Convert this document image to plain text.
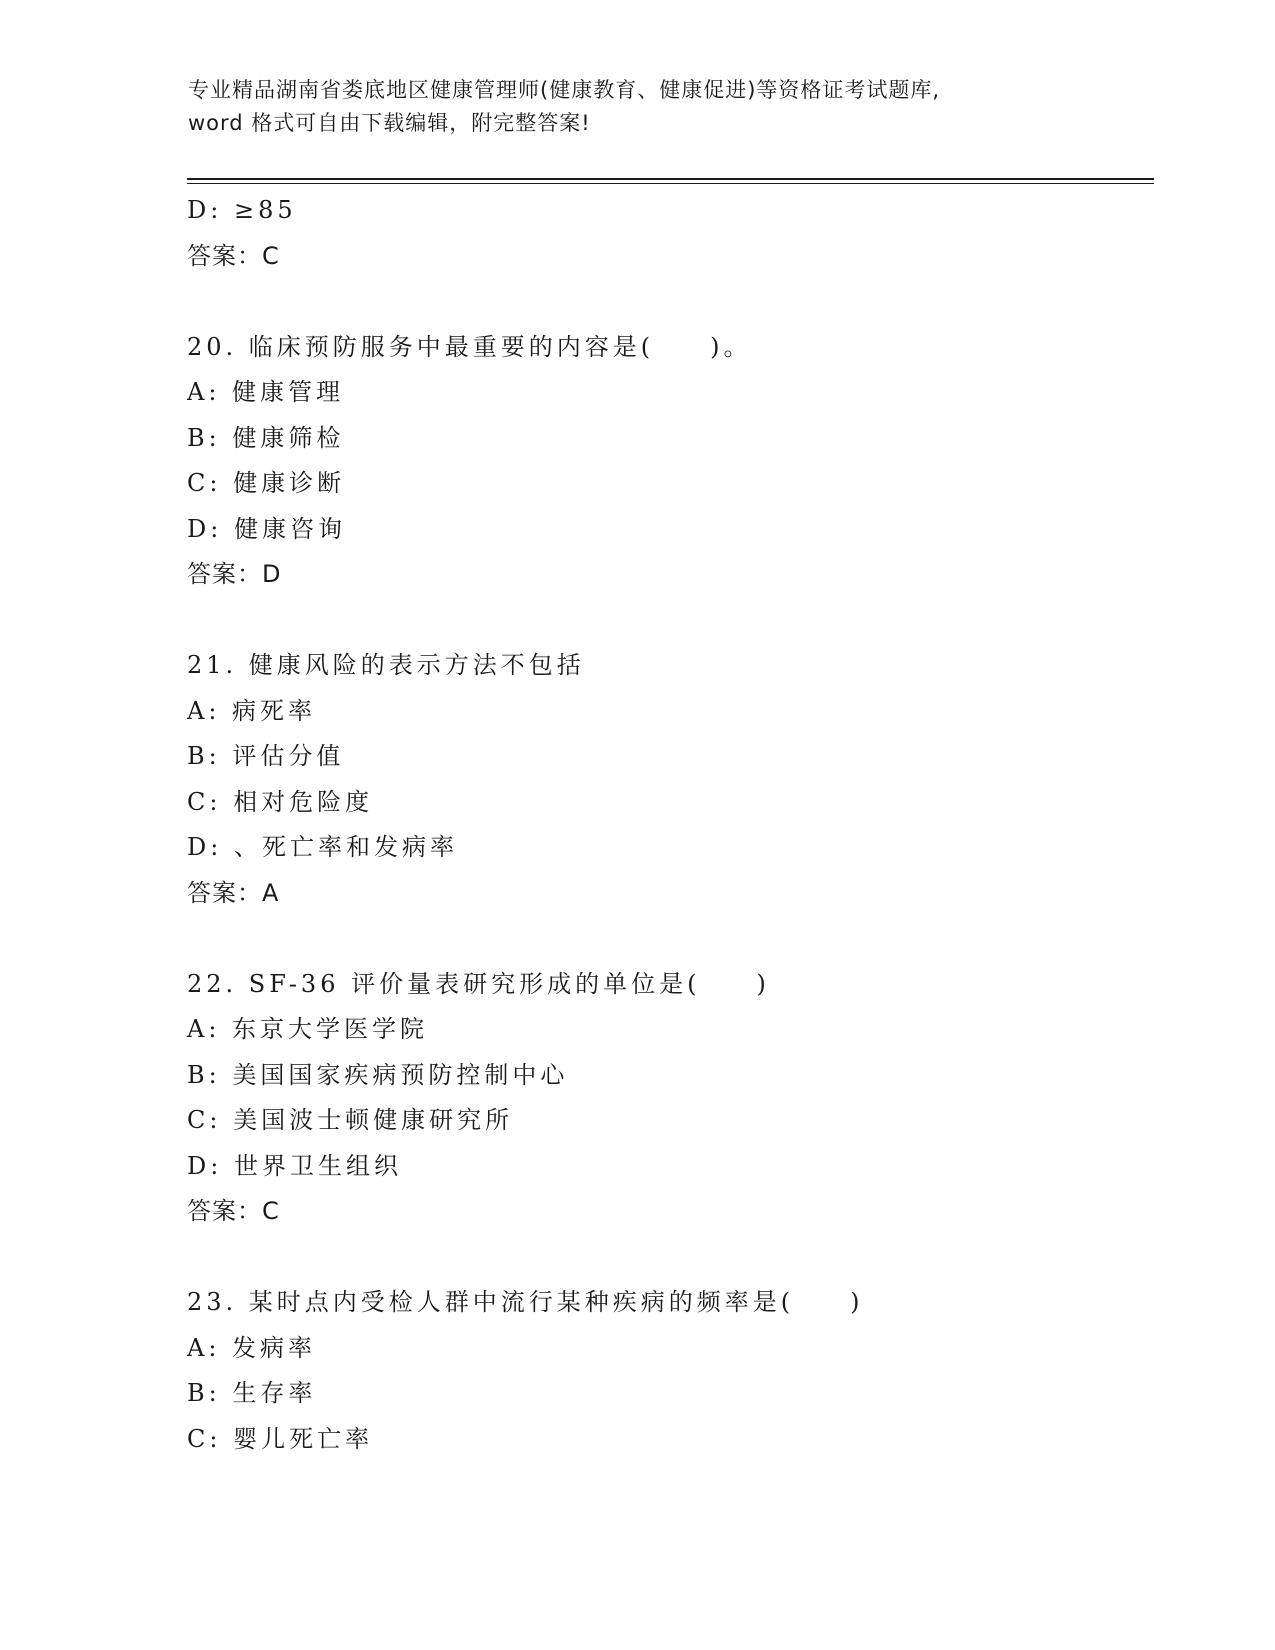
专业精品湖南省娄底地区健康管理师(健康教育、健康促进)等资格证考试题库,
word 格式可自由下载编辑，附完整答案!
D: ≥85
答案：C
20. 临床预防服务中最重要的内容是(　　)。
A: 健康管理
B: 健康筛检
C: 健康诊断
D: 健康咨询
答案：D
21. 健康风险的表示方法不包括
A: 病死率
B: 评估分值
C: 相对危险度
D: 、死亡率和发病率
答案：A
22. SF-36 评价量表研究形成的单位是(　　)
A: 东京大学医学院
B: 美国国家疾病预防控制中心
C: 美国波士顿健康研究所
D: 世界卫生组织
答案：C
23. 某时点内受检人群中流行某种疾病的频率是(　　)
A: 发病率
B: 生存率
C: 婴儿死亡率
